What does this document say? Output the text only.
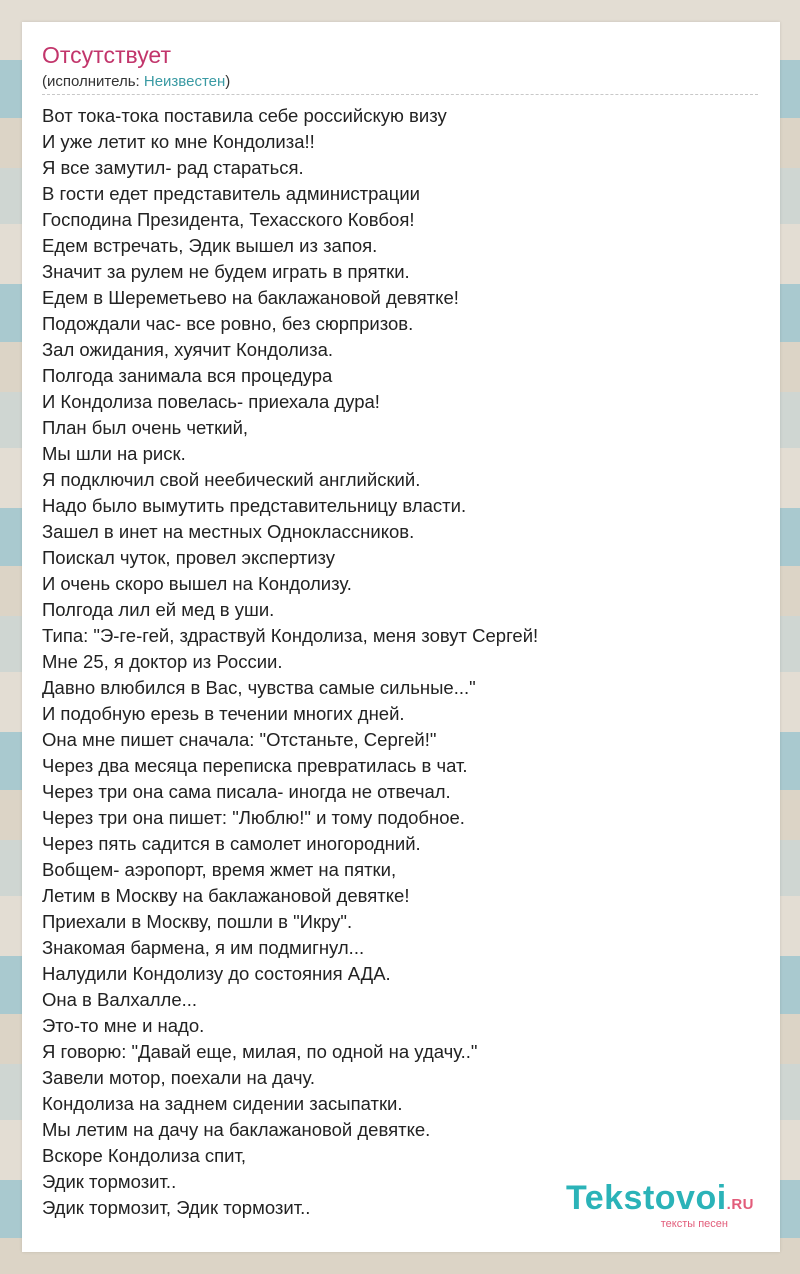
Отсутствует
(исполнитель: Неизвестен)
Вот тока-тока поставила себе российскую визу
И уже летит ко мне Кондолиза!!
Я все замутил- рад стараться.
В гости едет представитель администрации
Господина Президента, Техасского Ковбоя!
Едем встречать, Эдик вышел из запоя.
Значит за рулем не будем играть в прятки.
Едем в Шереметьево на баклажановой девятке!
Подождали час- все ровно, без сюрпризов.
Зал ожидания, хуячит Кондолиза.
Полгода занимала вся процедура
И Кондолиза повелась- приехала дура!
План был очень четкий,
Мы шли на риск.
Я подключил свой неебический английский.
Надо было вымутить представительницу власти.
Зашел в инет на местных Одноклассников.
Поискал чуток, провел экспертизу
И очень скоро вышел на Кондолизу.
Полгода лил ей мед в уши.
Типа: "Э-ге-гей, здраствуй Кондолиза, меня зовут Сергей!
Мне 25, я доктор из России.
Давно влюбился в Вас, чувства самые сильные..."
И подобную ерезь в течении многих дней.
Она мне пишет сначала: "Отстаньте, Сергей!"
Через два месяца переписка превратилась в чат.
Через три она сама писала- иногда не отвечал.
Через три она пишет: "Люблю!" и тому подобное.
Через пять садится в самолет иногородний.
Вобщем- аэропорт, время жмет на пятки,
Летим в Москву на баклажановой девятке!
Приехали в Москву, пошли в "Икру".
Знакомая бармена, я им подмигнул...
Налудили Кондолизу до состояния АДА.
Она в Валхалле...
Это-то мне и надо.
Я говорю: "Давай еще, милая, по одной на удачу.."
Завели мотор, поехали на дачу.
Кондолиза на заднем сидении засыпатки.
Мы летим на дачу на баклажановой девятке.
Вскоре Кондолиза спит,
Эдик тормозит..
Эдик тормозит, Эдик тормозит..	Tekstovoi.RU
тексты песен
